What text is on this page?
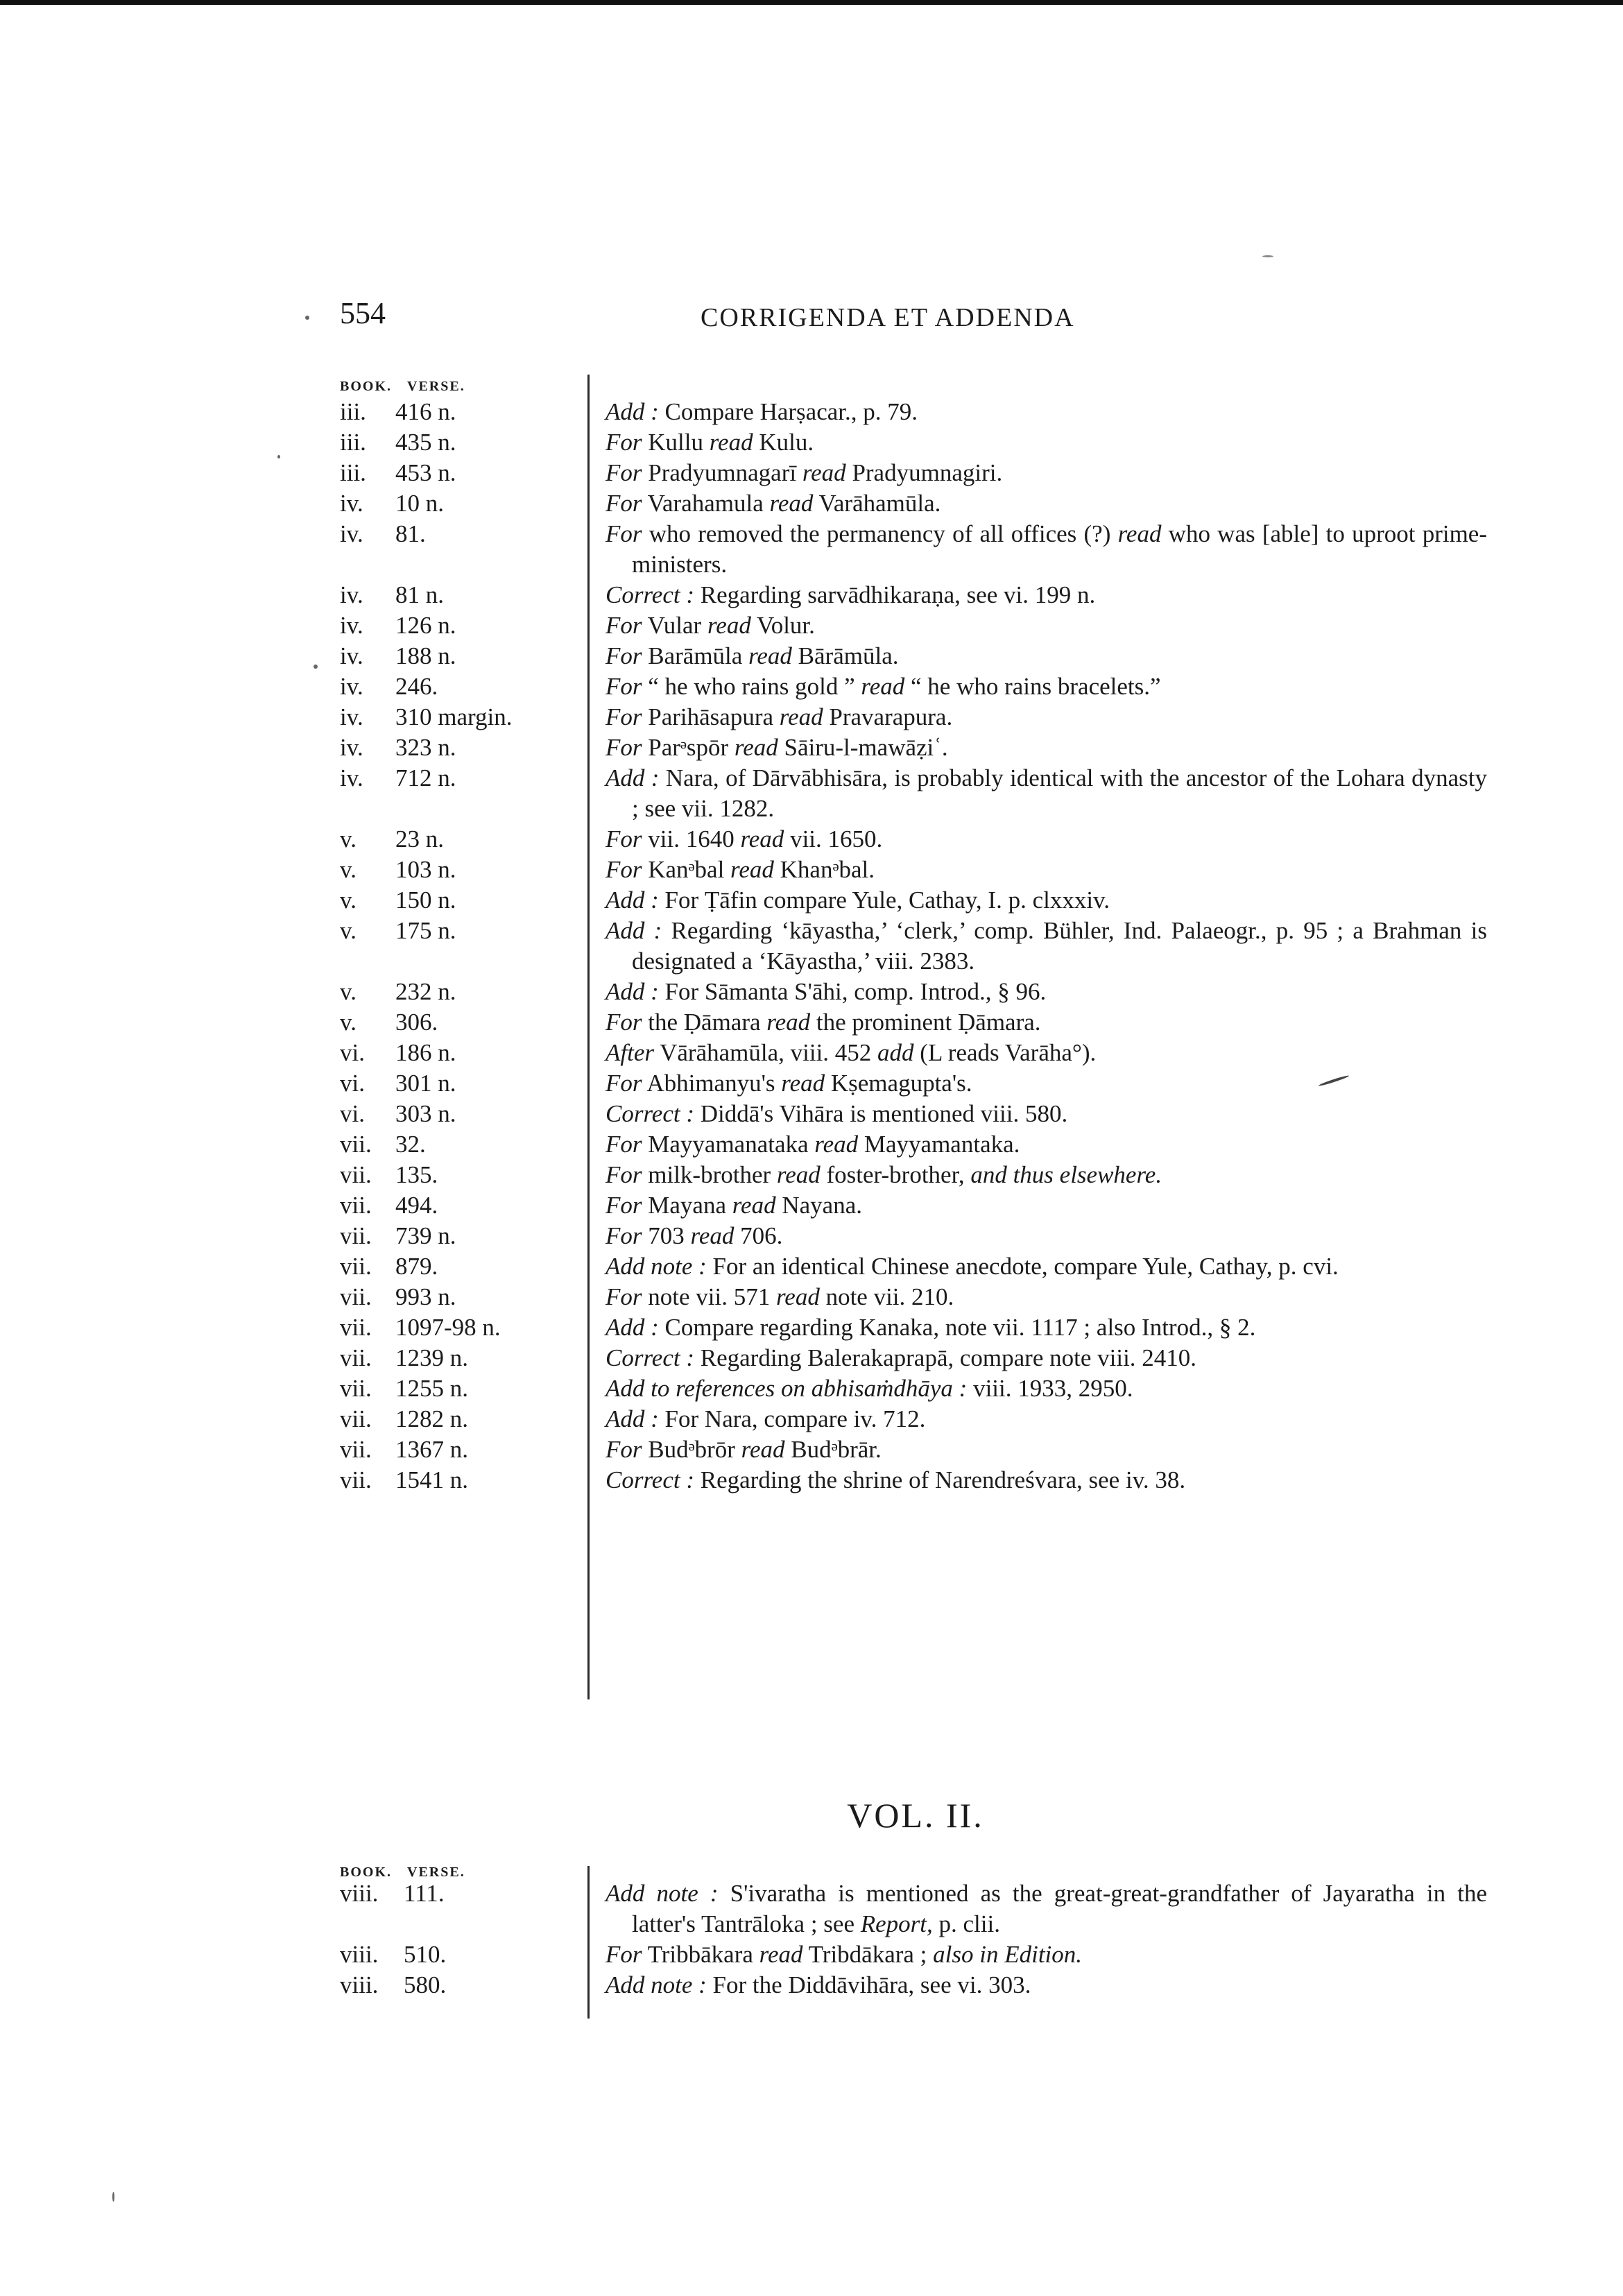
554	CORRIGENDA ET ADDENDA
BOOK. VERSE.
iii.	416 n.	Add : Compare Harṣacar., p. 79.
iii.	435 n.	For Kullu read Kulu.
iii.	453 n.	For Pradyumnagarī read Pradyumnagiri.
iv.	10 n.	For Varahamula read Varāhamūla.
iv.	81.	For who removed the permanency of all offices (?) read who was [able] to uproot prime-ministers.
iv.	81 n.	Correct : Regarding sarvādhikaraṇa, see vi. 199 n.
iv.	126 n.	For Vular read Volur.
iv.	188 n.	For Barāmūla read Bārāmūla.
iv.	246.	For “ he who rains gold ” read “ he who rains bracelets.”
iv.	310 margin.	For Parihāsapura read Pravarapura.
iv.	323 n.	For Parᵊspōr read Sāiru-l-mawāẓiʿ.
iv.	712 n.	Add : Nara, of Dārvābhisāra, is probably identical with the ancestor of the Lohara dynasty ; see vii. 1282.
v.	23 n.	For vii. 1640 read vii. 1650.
v.	103 n.	For Kanᵊbal read Khanᵊbal.
v.	150 n.	Add : For Ṭāfin compare Yule, Cathay, I. p. clxxxiv.
v.	175 n.	Add : Regarding ‘kāyastha,’ ‘clerk,’ comp. Bühler, Ind. Palaeogr., p. 95 ; a Brahman is designated a ‘Kāyastha,’ viii. 2383.
v.	232 n.	Add : For Sāmanta S'āhi, comp. Introd., § 96.
v.	306.	For the Ḍāmara read the prominent Ḍāmara.
vi.	186 n.	After Vārāhamūla, viii. 452 add (L reads Varāha°).
vi.	301 n.	For Abhimanyu's read Kṣemagupta's.
vi.	303 n.	Correct : Diddā's Vihāra is mentioned viii. 580.
vii. 32.	For Mayyamanataka read Mayyamantaka.
vii. 135.	For milk-brother read foster-brother, and thus elsewhere.
vii. 494.	For Mayana read Nayana.
vii. 739 n.	For 703 read 706.
vii. 879.	Add note : For an identical Chinese anecdote, compare Yule, Cathay, p. cvi.
vii. 993 n.	For note vii. 571 read note vii. 210.
vii. 1097-98 n.	Add : Compare regarding Kanaka, note vii. 1117 ; also Introd., § 2.
vii. 1239 n.	Correct : Regarding Balerakaprapā, compare note viii. 2410.
vii. 1255 n.	Add to references on abhisaṁdhāya : viii. 1933, 2950.
vii. 1282 n.	Add : For Nara, compare iv. 712.
vii. 1367 n.	For Budᵊbrōr read Budᵊbrār.
vii. 1541 n.	Correct : Regarding the shrine of Narendreśvara, see iv. 38.
VOL. II.
BOOK. VERSE.
viii.	111.	Add note : S'ivaratha is mentioned as the great-great-grandfather of Jayaratha in the latter's Tantrāloka ; see Report, p. clii.
viii.	510.	For Tribbākara read Tribdākara ; also in Edition.
viii.	580.	Add note : For the Diddāvihāra, see vi. 303.
